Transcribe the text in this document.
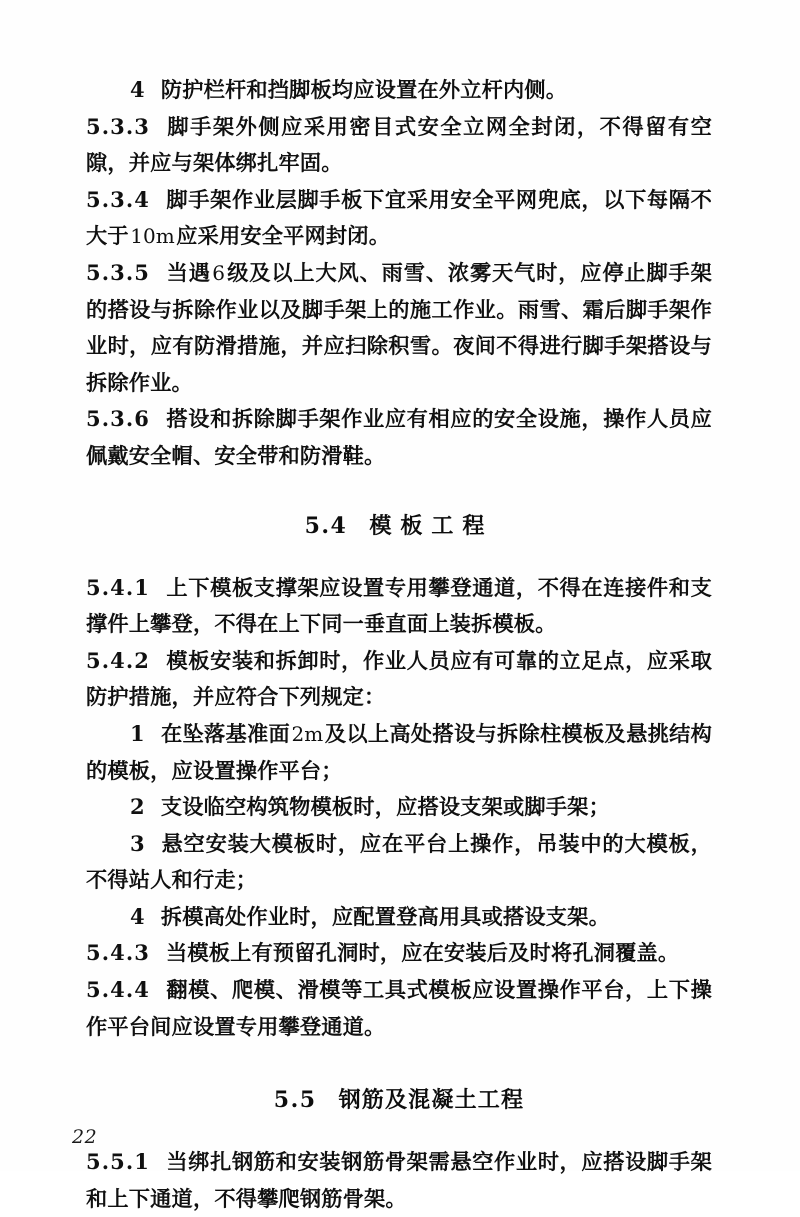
4 防护栏杆和挡脚板均应设置在外立杆内侧。

5.3.3 脚手架外侧应采用密目式安全立网全封闭，不得留有空隙，并应与架体绑扎牢固。

5.3.4 脚手架作业层脚手板下宜采用安全平网兜底，以下每隔不大于10m应采用安全平网封闭。

5.3.5 当遇6级及以上大风、雨雪、浓雾天气时，应停止脚手架的搭设与拆除作业以及脚手架上的施工作业。雨雪、霜后脚手架作业时，应有防滑措施，并应扫除积雪。夜间不得进行脚手架搭设与拆除作业。

5.3.6 搭设和拆除脚手架作业应有相应的安全设施，操作人员应佩戴安全帽、安全带和防滑鞋。

5.4 模板工程

5.4.1 上下模板支撑架应设置专用攀登通道，不得在连接件和支撑件上攀登，不得在上下同一垂直面上装拆模板。

5.4.2 模板安装和拆卸时，作业人员应有可靠的立足点，应采取防护措施，并应符合下列规定：

1 在坠落基准面2m及以上高处搭设与拆除柱模板及悬挑结构的模板，应设置操作平台；

2 支设临空构筑物模板时，应搭设支架或脚手架；

3 悬空安装大模板时，应在平台上操作，吊装中的大模板，不得站人和行走；

4 拆模高处作业时，应配置登高用具或搭设支架。

5.4.3 当模板上有预留孔洞时，应在安装后及时将孔洞覆盖。

5.4.4 翻模、爬模、滑模等工具式模板应设置操作平台，上下操作平台间应设置专用攀登通道。

5.5 钢筋及混凝土工程

5.5.1 当绑扎钢筋和安装钢筋骨架需悬空作业时，应搭设脚手架和上下通道，不得攀爬钢筋骨架。

22
